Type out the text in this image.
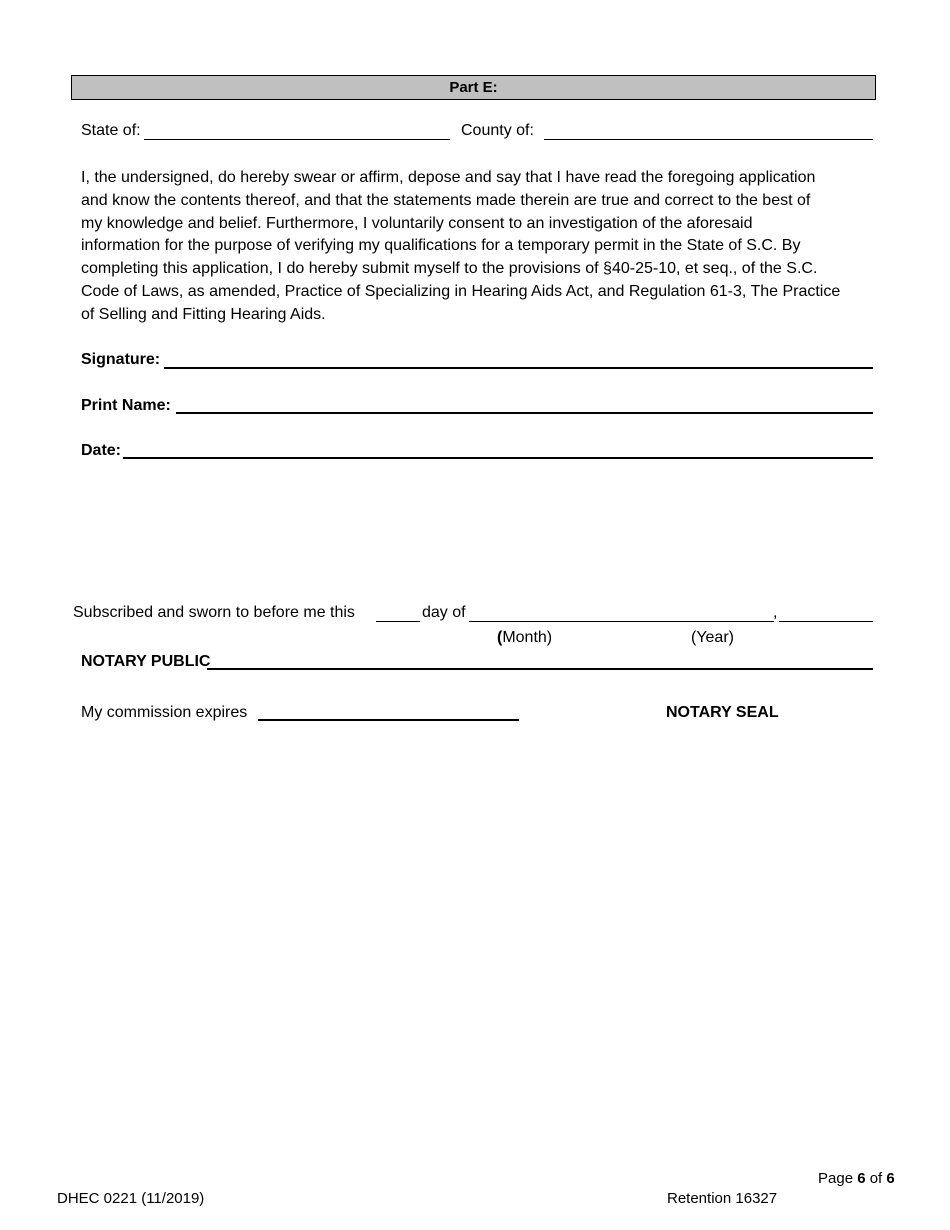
Part E:
State of:	County of:
I, the undersigned, do hereby swear or affirm, depose and say that I have read the foregoing application
and know the contents thereof, and that the statements made therein are true and correct to the best of
my knowledge and belief. Furthermore, I voluntarily consent to an investigation of the aforesaid
information for the purpose of verifying my qualifications for a temporary permit in the State of S.C. By
completing this application, I do hereby submit myself to the provisions of §40-25-10, et seq., of the S.C.
Code of Laws, as amended, Practice of Specializing in Hearing Aids Act, and Regulation 61-3, The Practice
of Selling and Fitting Hearing Aids.
Signature:
Print Name:
Date:
Subscribed and sworn to before me this	day of	,
(Month)	(Year)
NOTARY PUBLIC
My commission expires	NOTARY SEAL
Page 6 of 6
DHEC 0221 (11/2019)	Retention 16327
